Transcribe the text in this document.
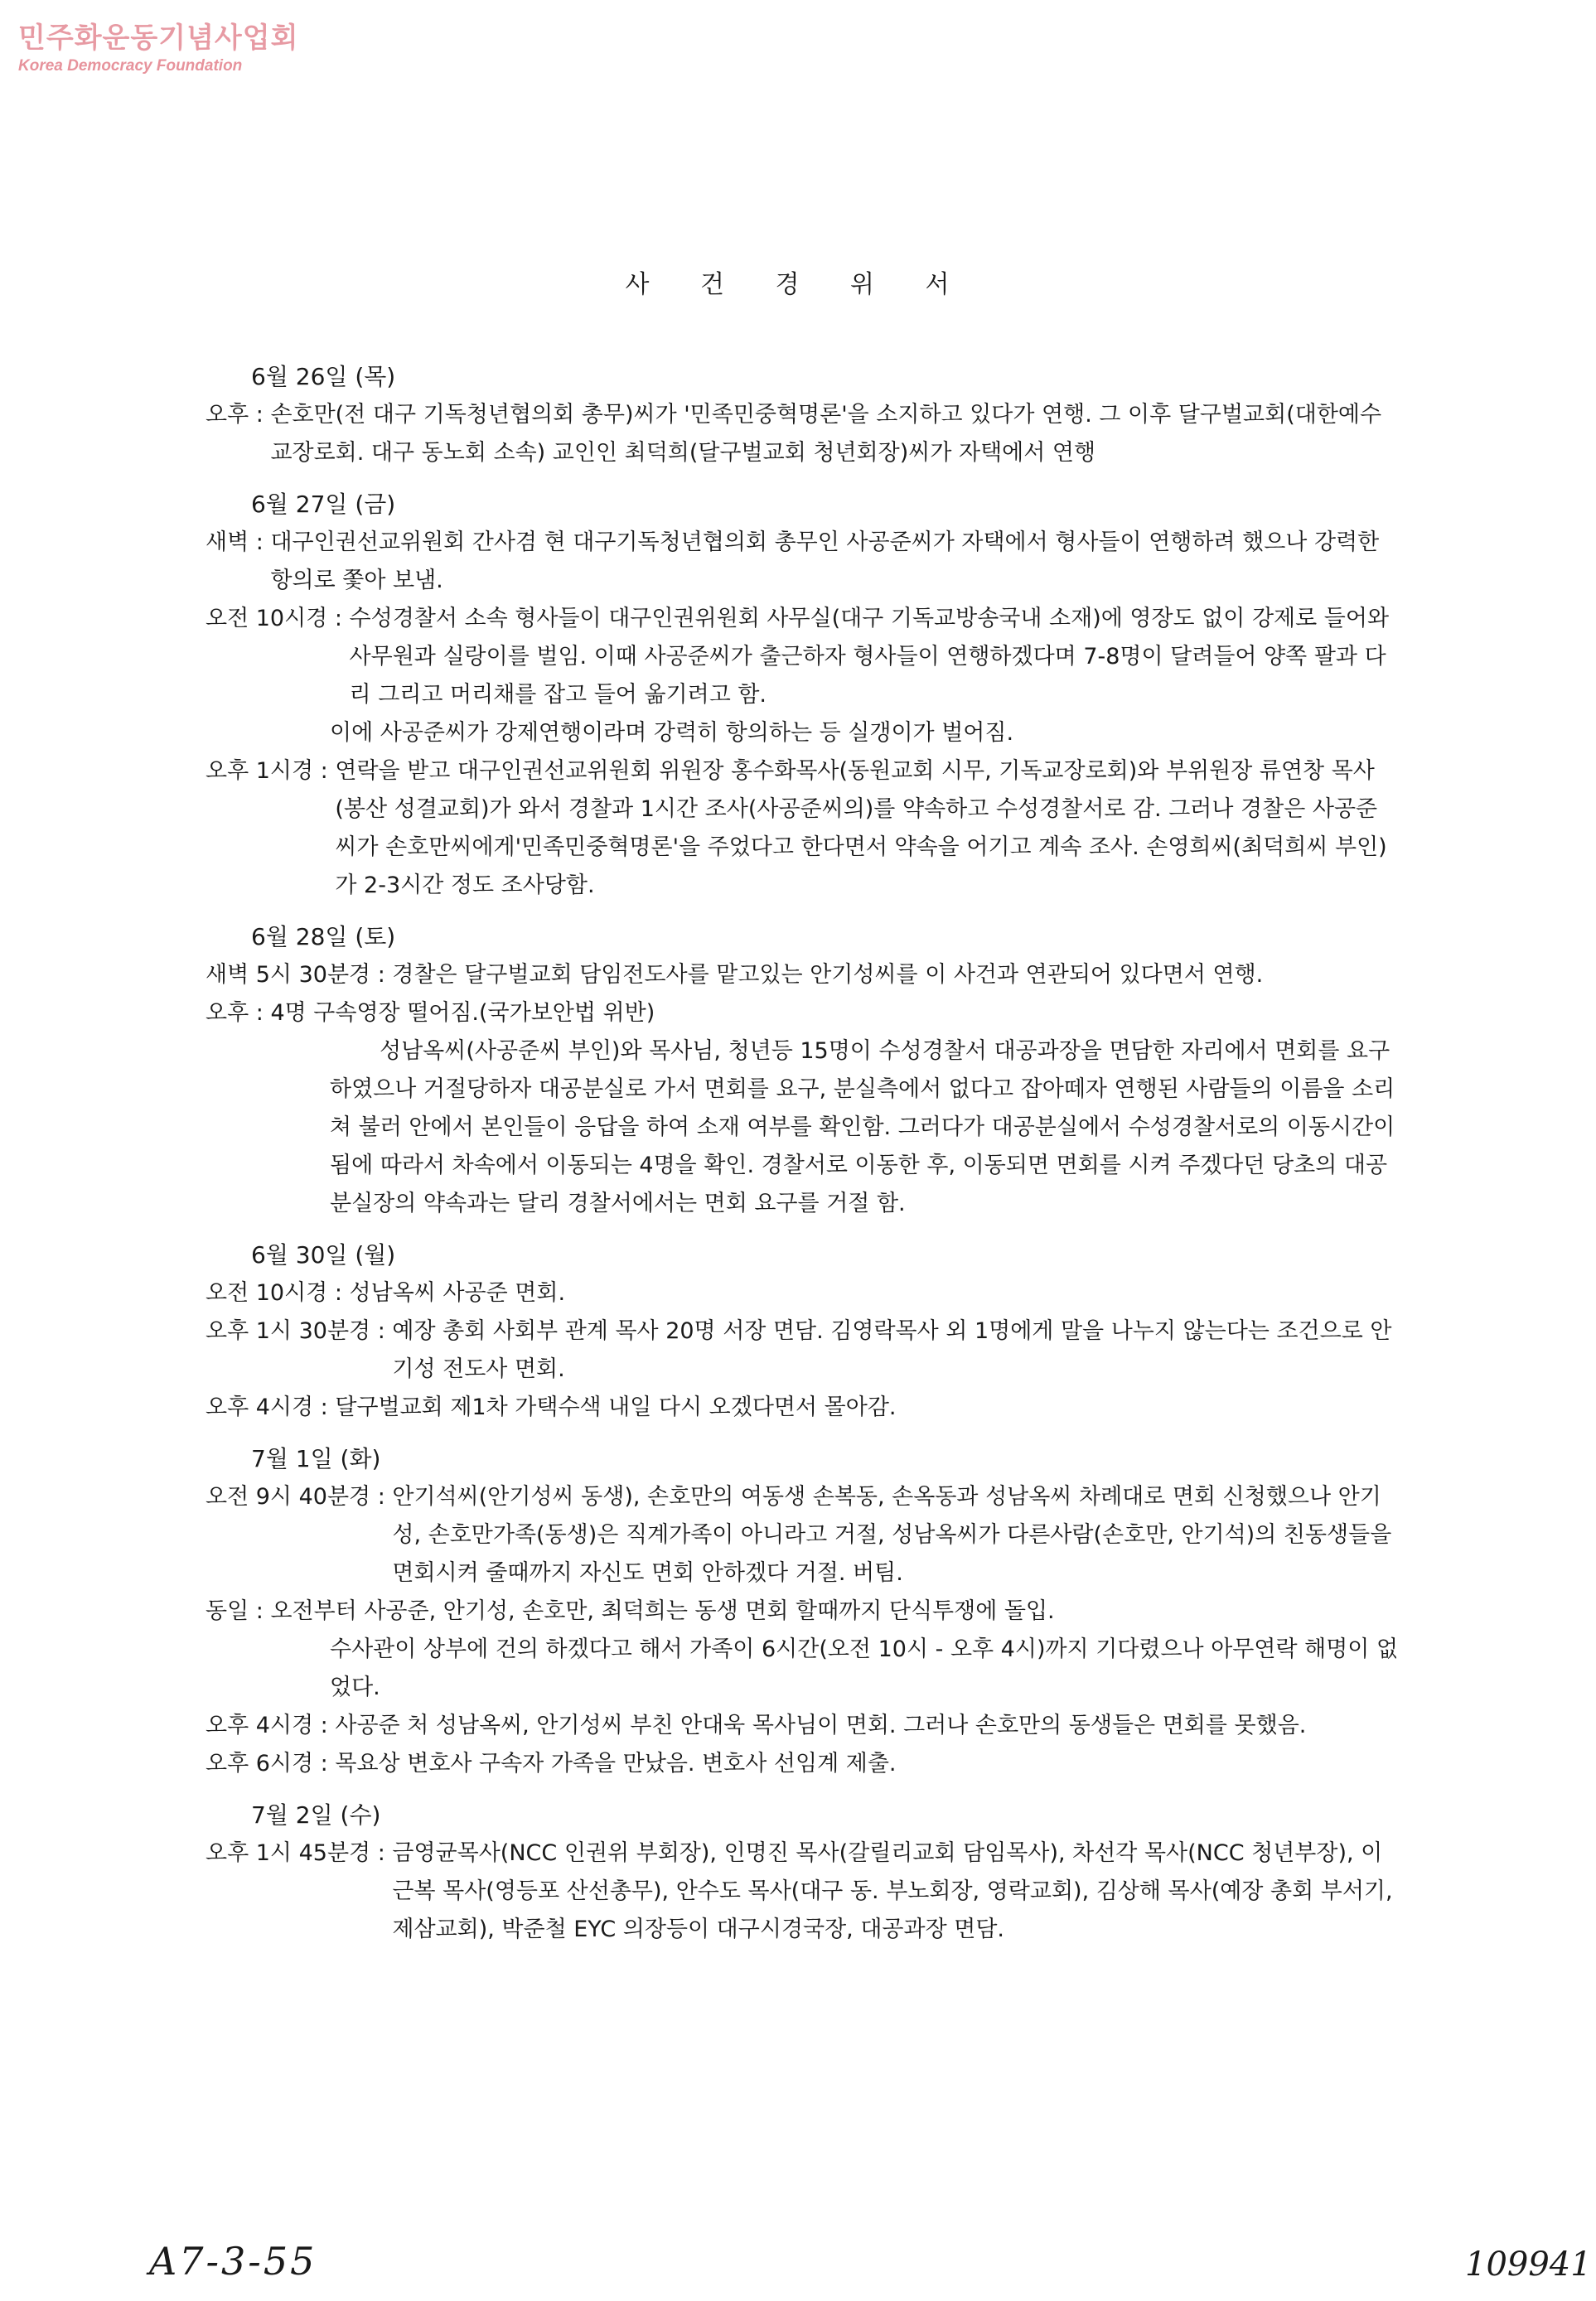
민주화운동기념사업회
Korea Democracy Foundation
사 건 경 위 서
6월 26일 (목)
오후 : 손호만(전 대구 기독청년협의회 총무)씨가 '민족민중혁명론'을 소지하고 있다가 연행. 그 이후 달구벌교회(대한예수교장로회. 대구 동노회 소속) 교인인 최덕희(달구벌교회 청년회장)씨가 자택에서 연행
6월 27일 (금)
새벽 : 대구인권선교위원회 간사겸 현 대구기독청년협의회 총무인 사공준씨가 자택에서 형사들이 연행하려 했으나 강력한 항의로 쫓아 보냄.
오전 10시경 : 수성경찰서 소속 형사들이 대구인권위원회 사무실(대구 기독교방송국내 소재)에 영장도 없이 강제로 들어와 사무원과 실랑이를 벌임. 이때 사공준씨가 출근하자 형사들이 연행하겠다며 7-8명이 달려들어 양쪽 팔과 다리 그리고 머리채를 잡고 들어 옮기려고 함.
이에 사공준씨가 강제연행이라며 강력히 항의하는 등 실갱이가 벌어짐.
오후 1시경 : 연락을 받고 대구인권선교위원회 위원장 홍수화목사(동원교회 시무, 기독교장로회)와 부위원장 류연창 목사(봉산 성결교회)가 와서 경찰과 1시간 조사(사공준씨의)를 약속하고 수성경찰서로 감. 그러나 경찰은 사공준씨가 손호만씨에게'민족민중혁명론'을 주었다고 한다면서 약속을 어기고 계속 조사. 손영희씨(최덕희씨 부인)가 2-3시간 정도 조사당함.
6월 28일 (토)
새벽 5시 30분경 : 경찰은 달구벌교회 담임전도사를 맡고있는 안기성씨를 이 사건과 연관되어 있다면서 연행.
오후 : 4명 구속영장 떨어짐.(국가보안법 위반)
성남옥씨(사공준씨 부인)와 목사님, 청년등 15명이 수성경찰서 대공과장을 면담한 자리에서 면회를 요구하였으나 거절당하자 대공분실로 가서 면회를 요구, 분실측에서 없다고 잡아떼자 연행된 사람들의 이름을 소리쳐 불러 안에서 본인들이 응답을 하여 소재 여부를 확인함. 그러다가 대공분실에서 수성경찰서로의 이동시간이 됨에 따라서 차속에서 이동되는 4명을 확인. 경찰서로 이동한 후, 이동되면 면회를 시켜 주겠다던 당초의 대공분실장의 약속과는 달리 경찰서에서는 면회 요구를 거절 함.
6월 30일 (월)
오전 10시경 : 성남옥씨 사공준 면회.
오후 1시 30분경 : 예장 총회 사회부 관계 목사 20명 서장 면담. 김영락목사 외 1명에게 말을 나누지 않는다는 조건으로 안기성 전도사 면회.
오후 4시경 : 달구벌교회 제1차 가택수색 내일 다시 오겠다면서 몰아감.
7월 1일 (화)
오전 9시 40분경 : 안기석씨(안기성씨 동생), 손호만의 여동생 손복동, 손옥동과 성남옥씨 차례대로 면회 신청했으나 안기성, 손호만가족(동생)은 직계가족이 아니라고 거절, 성남옥씨가 다른사람(손호만, 안기석)의 친동생들을 면회시켜 줄때까지 자신도 면회 안하겠다 거절. 버팀.
동일 : 오전부터 사공준, 안기성, 손호만, 최덕희는 동생 면회 할때까지 단식투쟁에 돌입.
수사관이 상부에 건의 하겠다고 해서 가족이 6시간(오전 10시 - 오후 4시)까지 기다렸으나 아무연락 해명이 없었다.
오후 4시경 : 사공준 처 성남옥씨, 안기성씨 부친 안대욱 목사님이 면회. 그러나 손호만의 동생들은 면회를 못했음.
오후 6시경 : 목요상 변호사 구속자 가족을 만났음. 변호사 선임계 제출.
7월 2일 (수)
오후 1시 45분경 : 금영균목사(NCC 인권위 부회장), 인명진 목사(갈릴리교회 담임목사), 차선각 목사(NCC 청년부장), 이근복 목사(영등포 산선총무), 안수도 목사(대구 동. 부노회장, 영락교회), 김상해 목사(예장 총회 부서기, 제삼교회), 박준철 EYC 의장등이 대구시경국장, 대공과장 면담.
A7-3-55	109941
